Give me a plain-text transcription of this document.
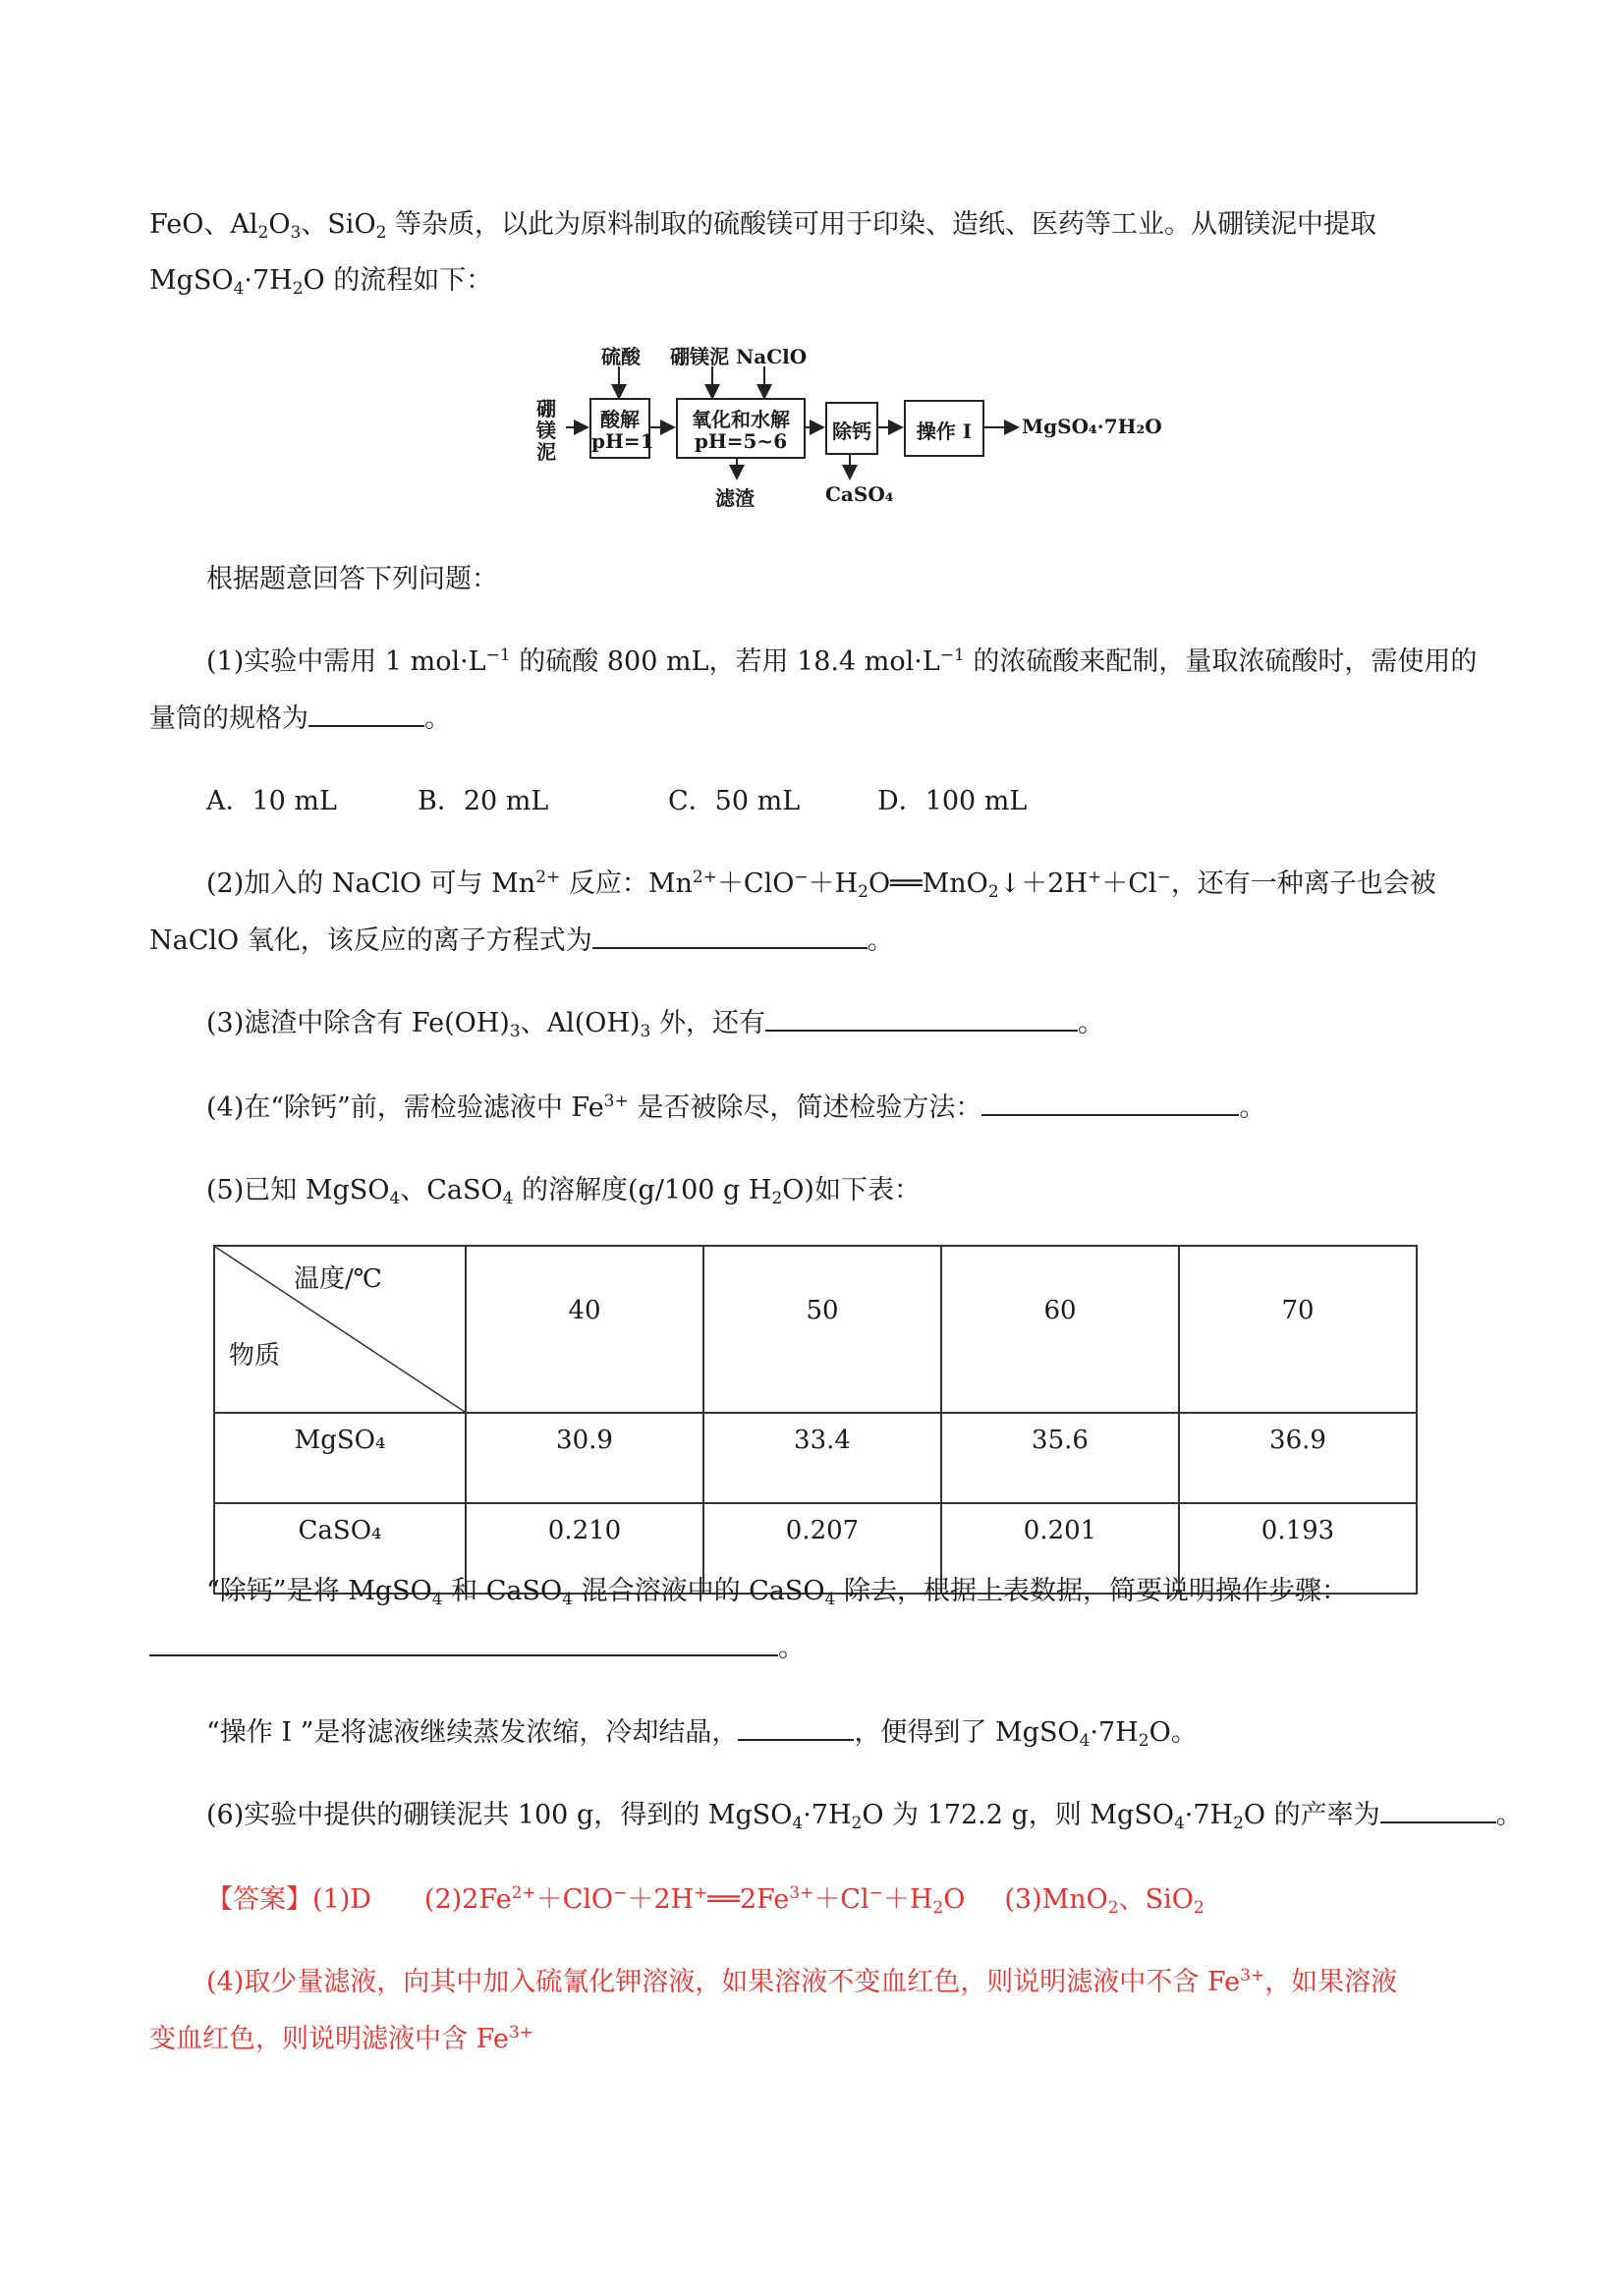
FeO、$Al_2O_3$、SiO$_2$ 等杂质，以此为原料制取的硫酸镁可用于印染、造纸、医药等工业。从硼镁泥中提取
$MgSO_4\cdot 7H_2O$ 的流程如下：
硫酸 硼镁泥 NaClO
硼镁泥
酸解
pH=1
氧化和水解
pH=5~6	除钙	操作 I	MgSO₄·7H₂O
滤渣	CaSO₄
根据题意回答下列问题：
(1)实验中需用 1 $mol\cdot L^{-1}$ 的硫酸 800 mL，若用 18.4 $mol\cdot L^{-1}$ 的浓硫酸来配制，量取浓硫酸时，需使用的
量筒的规格为	。
A．10 mL	B．20 mL	C．50 mL	D．100 mL
(2)加入的 NaClO 可与 $Mn^{2+}$ 反应：$Mn^{2+}+ClO^-+H_2O══MnO_2↓+2H^++Cl^-$，还有一种离子也会被
NaClO 氧化，该反应的离子方程式为	。
(3)滤渣中除含有 $Fe(OH)_3$、$Al(OH)_3$ 外，还有	。
(4)在“除钙”前，需检验滤液中 $Fe^{3+}$ 是否被除尽，简述检验方法：	。
(5)已知 MgSO$_4$、CaSO$_4$ 的溶解度(g/100 g $H_2O$)如下表：
温度/℃
物质	40	50	60	70
MgSO₄	30.9	33.4	35.6	36.9
CaSO₄	0.210	0.207	0.201	0.193
“除钙”是将 MgSO$_4$ 和 CaSO$_4$ 混合溶液中的 CaSO$_4$ 除去，根据上表数据，简要说明操作步骤：
。
“操作 I ”是将滤液继续蒸发浓缩，冷却结晶，	，便得到了 $MgSO_4\cdot 7H_2O$。
(6)实验中提供的硼镁泥共 100 g，得到的 $MgSO_4\cdot 7H_2O$ 为 172.2 g，则 $MgSO_4\cdot 7H_2O$ 的产率为	。
【答案】(1)D $(2)2Fe^{2+}+ClO^-+2H^+══2Fe^{3+}+Cl^-+H_2O$ (3)MnO$_2$、SiO$_2$
(4)取少量滤液，向其中加入硫氰化钾溶液，如果溶液不变血红色，则说明滤液中不含 $Fe^{3+}$，如果溶液
变血红色，则说明滤液中含 $Fe^{3+}$
